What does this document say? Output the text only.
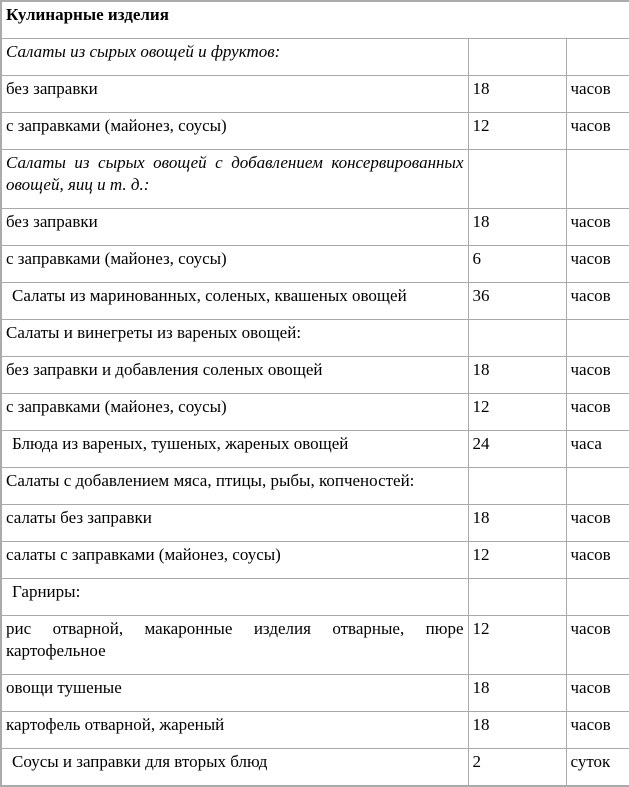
Кулинарные изделия		
Салаты из сырых овощей и фруктов:		
без заправки	18	часов
с заправками (майонез, соусы)	12	часов
Салаты из сырых овощей с добавлением консервированных овощей, яиц и т. д.:		
без заправки	18	часов
с заправками (майонез, соусы)	6	часов
Салаты из маринованных, соленых, квашеных овощей	36	часов
Салаты и винегреты из вареных овощей:		
без заправки и добавления соленых овощей	18	часов
с заправками (майонез, соусы)	12	часов
Блюда из вареных, тушеных, жареных овощей	24	часа
Салаты с добавлением мяса, птицы, рыбы, копченостей:		
салаты без заправки	18	часов
салаты с заправками (майонез, соусы)	12	часов
Гарниры:		
рис отварной, макаронные изделия отварные, пюре картофельное	12	часов
овощи тушеные	18	часов
картофель отварной, жареный	18	часов
Соусы и заправки для вторых блюд	2	суток
